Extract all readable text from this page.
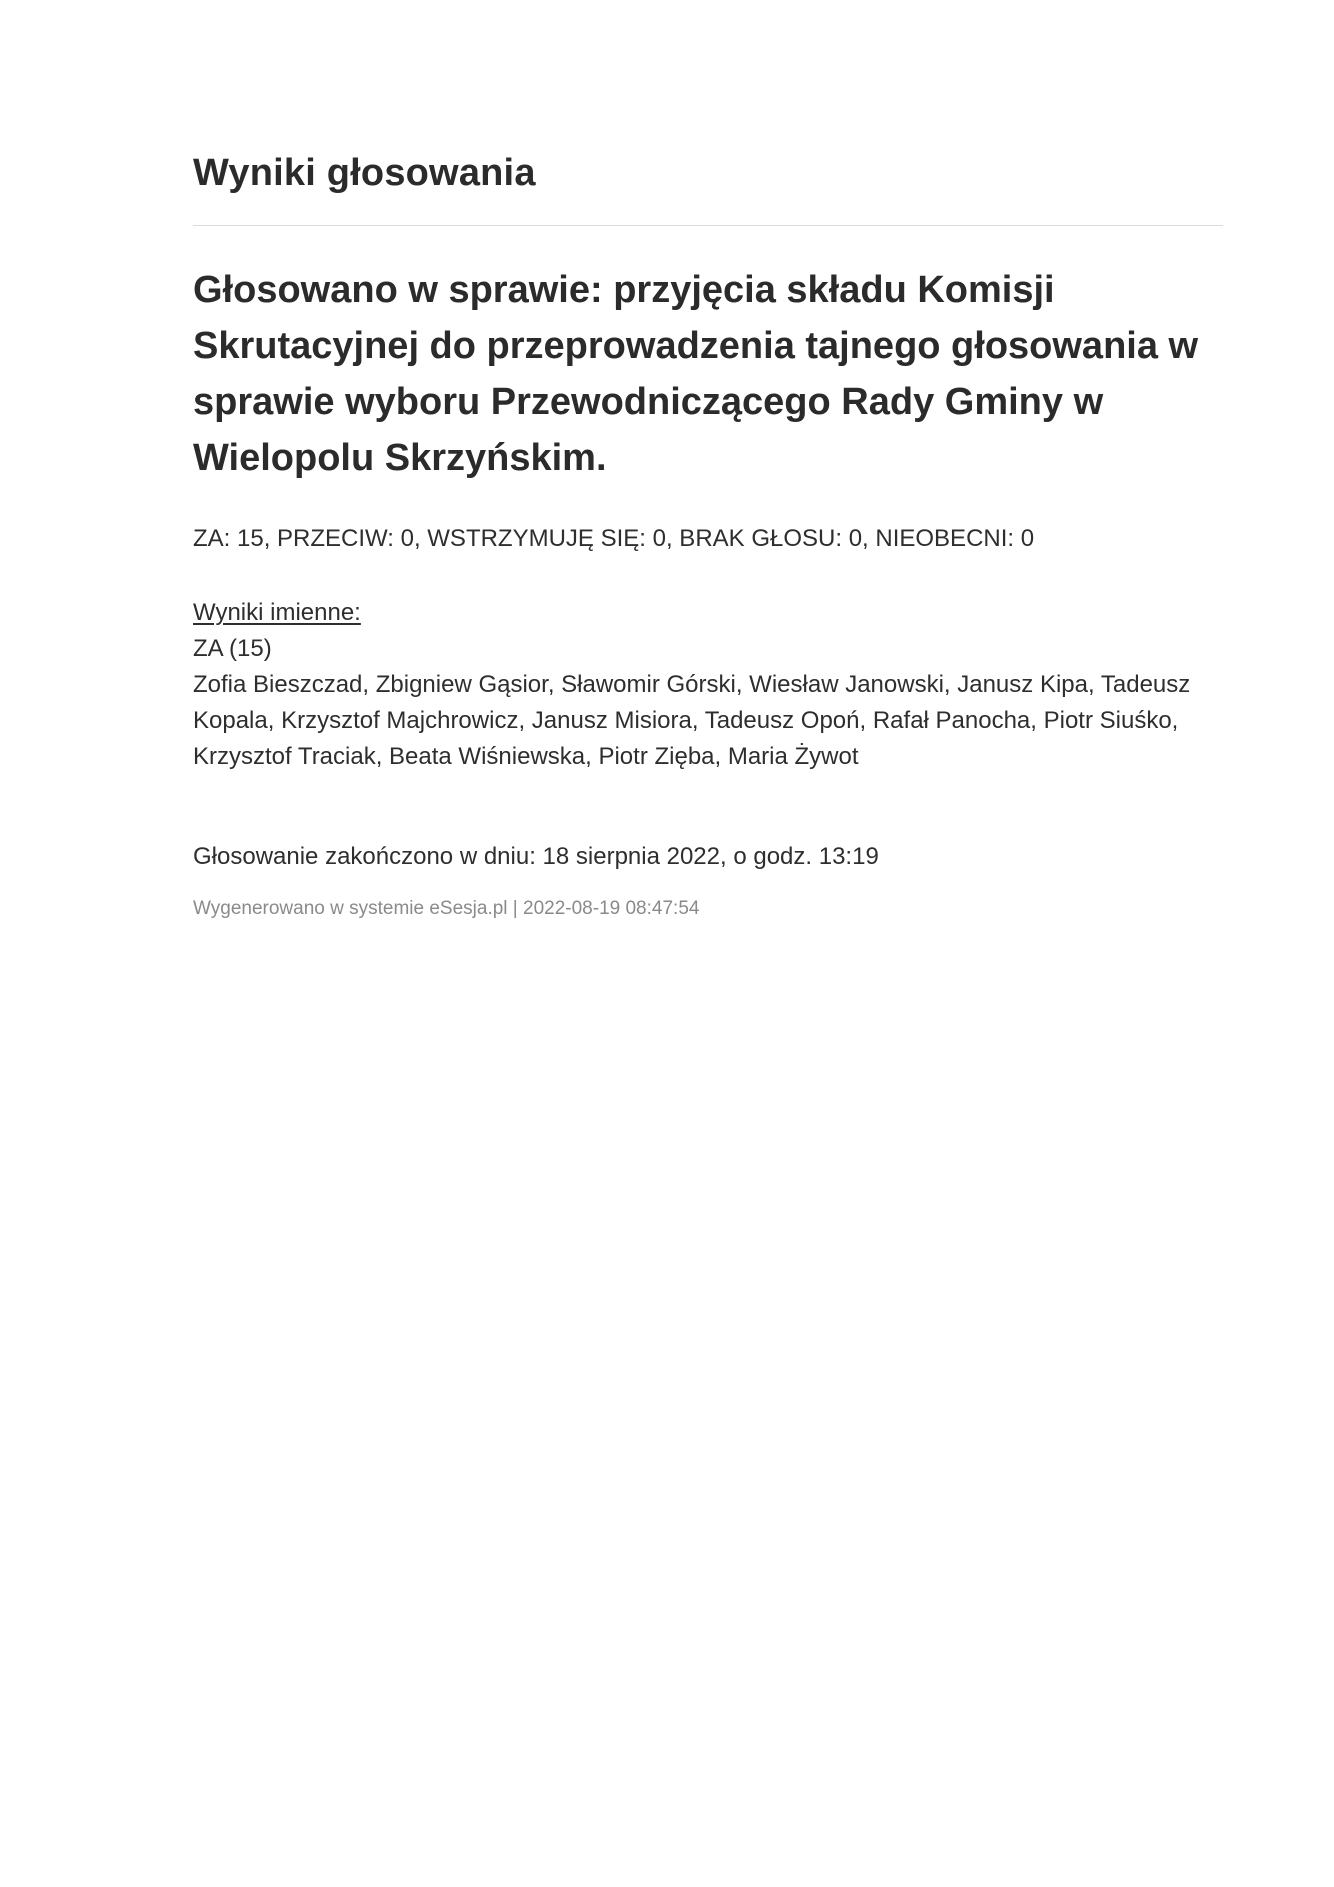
Wyniki głosowania
Głosowano w sprawie: przyjęcia składu Komisji Skrutacyjnej do przeprowadzenia tajnego głosowania w sprawie wyboru Przewodniczącego Rady Gminy w Wielopolu Skrzyńskim.
ZA: 15, PRZECIW: 0, WSTRZYMUJĘ SIĘ: 0, BRAK GŁOSU: 0, NIEOBECNI: 0
Wyniki imienne:
ZA (15)
Zofia Bieszczad, Zbigniew Gąsior, Sławomir Górski, Wiesław Janowski, Janusz Kipa, Tadeusz Kopala, Krzysztof Majchrowicz, Janusz Misiora, Tadeusz Opoń, Rafał Panocha, Piotr Siuśko, Krzysztof Traciak, Beata Wiśniewska, Piotr Zięba, Maria Żywot
Głosowanie zakończono w dniu: 18 sierpnia 2022, o godz. 13:19
Wygenerowano w systemie eSesja.pl | 2022-08-19 08:47:54
